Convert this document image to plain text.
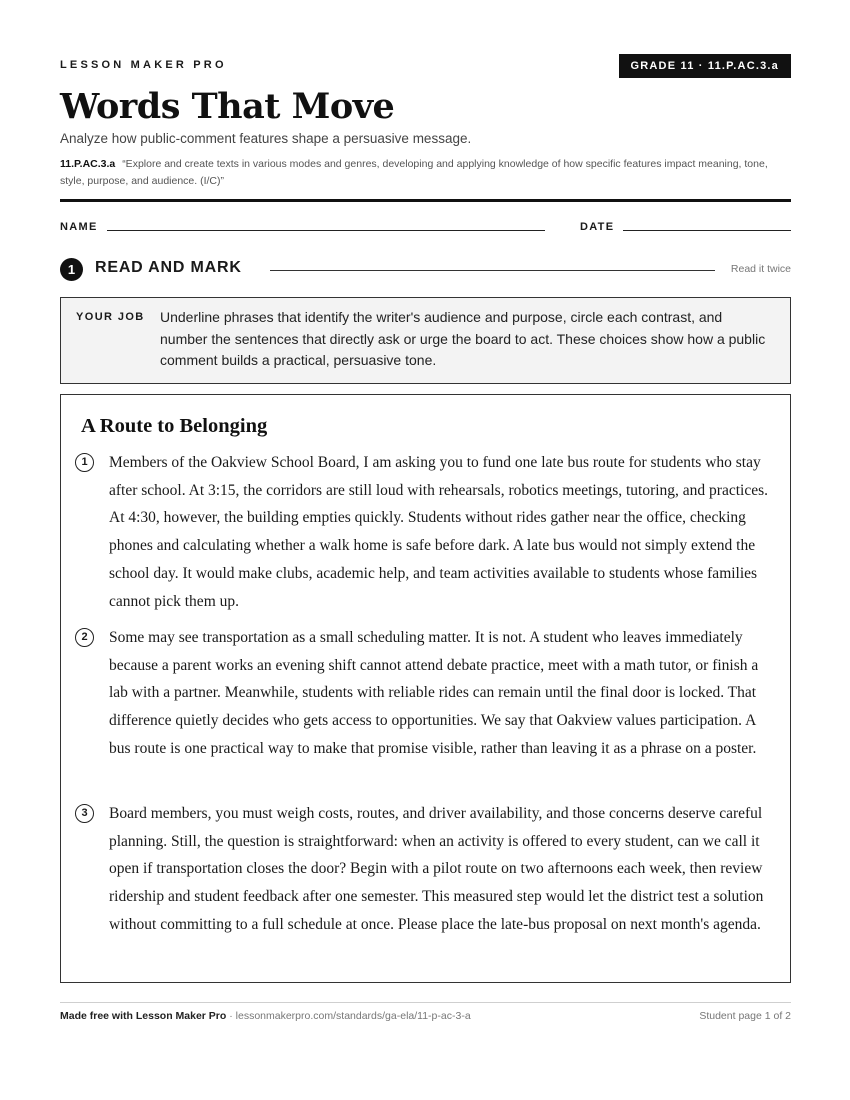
LESSON MAKER PRO	GRADE 11 · 11.P.AC.3.a
Words That Move
Analyze how public-comment features shape a persuasive message.
11.P.AC.3.a “Explore and create texts in various modes and genres, developing and applying knowledge of how specific features impact meaning, tone, style, purpose, and audience. (I/C)”
NAME	DATE
1	READ AND MARK	Read it twice
YOUR JOB Underline phrases that identify the writer's audience and purpose, circle each contrast, and number the sentences that directly ask or urge the board to act. These choices show how a public comment builds a practical, persuasive tone.
A Route to Belonging
1	Members of the Oakview School Board, I am asking you to fund one late bus route for students who stay after school. At 3:15, the corridors are still loud with rehearsals, robotics meetings, tutoring, and practices. At 4:30, however, the building empties quickly. Students without rides gather near the office, checking phones and calculating whether a walk home is safe before dark. A late bus would not simply extend the school day. It would make clubs, academic help, and team activities available to students whose families cannot pick them up.
2	Some may see transportation as a small scheduling matter. It is not. A student who leaves immediately because a parent works an evening shift cannot attend debate practice, meet with a math tutor, or finish a lab with a partner. Meanwhile, students with reliable rides can remain until the final door is locked. That difference quietly decides who gets access to opportunities. We say that Oakview values participation. A bus route is one practical way to make that promise visible, rather than leaving it as a phrase on a poster.
3	Board members, you must weigh costs, routes, and driver availability, and those concerns deserve careful planning. Still, the question is straightforward: when an activity is offered to every student, can we call it open if transportation closes the door? Begin with a pilot route on two afternoons each week, then review ridership and student feedback after one semester. This measured step would let the district test a solution without committing to a full schedule at once. Please place the late-bus proposal on next month's agenda.
Made free with Lesson Maker Pro · lessonmakerpro.com/standards/ga-ela/11-p-ac-3-a	Student page 1 of 2
